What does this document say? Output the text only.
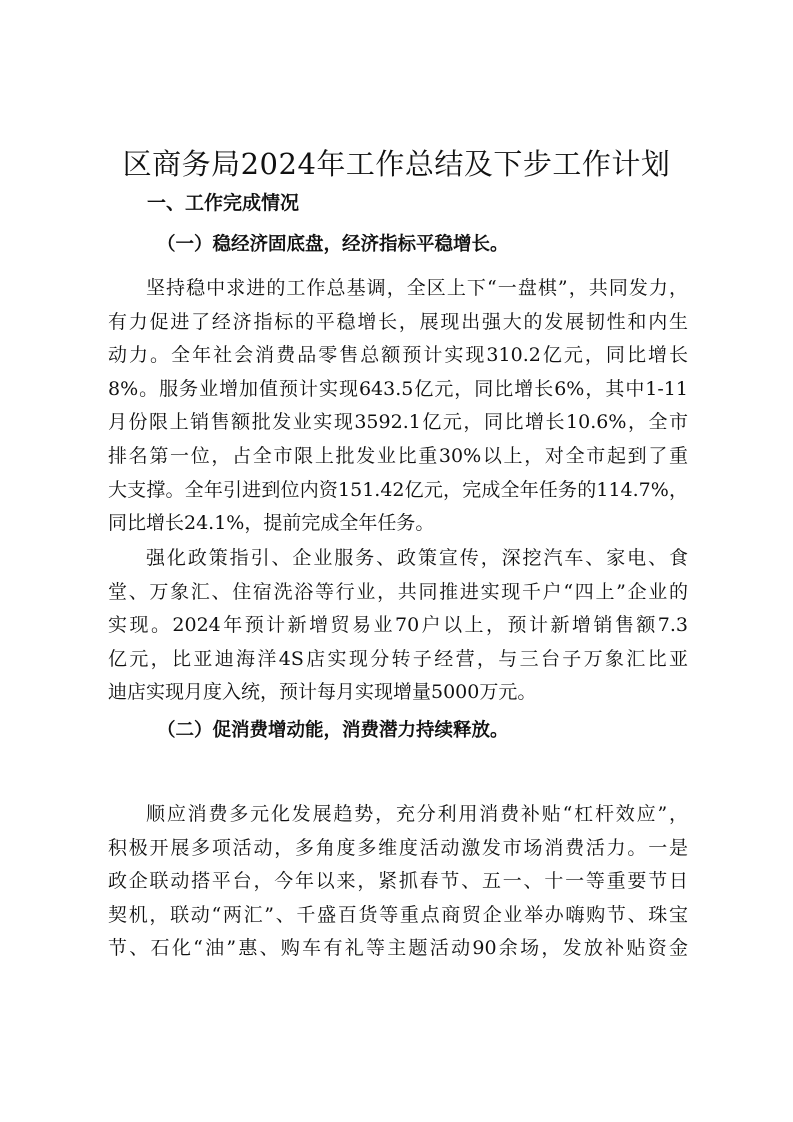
区商务局2024年工作总结及下步工作计划
一、工作完成情况
（一）稳经济固底盘，经济指标平稳增长。

坚持稳中求进的工作总基调，全区上下“一盘棋”，共同发力，

有力促进了经济指标的平稳增长，展现出强大的发展韧性和内生

动力。全年社会消费品零售总额预计实现310.2亿元，同比增长

8%。服务业增加值预计实现643.5亿元，同比增长6%，其中1-11

月份限上销售额批发业实现3592.1亿元，同比增长10.6%，全市

排名第一位，占全市限上批发业比重30%以上，对全市起到了重

大支撑。全年引进到位内资151.42亿元，完成全年任务的114.7%，

同比增长24.1%，提前完成全年任务。

强化政策指引、企业服务、政策宣传，深挖汽车、家电、食

堂、万象汇、住宿洗浴等行业，共同推进实现千户“四上”企业的

实现。2024年预计新增贸易业70户以上，预计新增销售额7.3

亿元，比亚迪海洋4S店实现分转子经营，与三台子万象汇比亚

迪店实现月度入统，预计每月实现增量5000万元。

（二）促消费增动能，消费潜力持续释放。

顺应消费多元化发展趋势，充分利用消费补贴“杠杆效应”，

积极开展多项活动，多角度多维度活动激发市场消费活力。一是

政企联动搭平台，今年以来，紧抓春节、五一、十一等重要节日

契机，联动“两汇”、千盛百货等重点商贸企业举办嗨购节、珠宝

节、石化“油”惠、购车有礼等主题活动90余场，发放补贴资金
